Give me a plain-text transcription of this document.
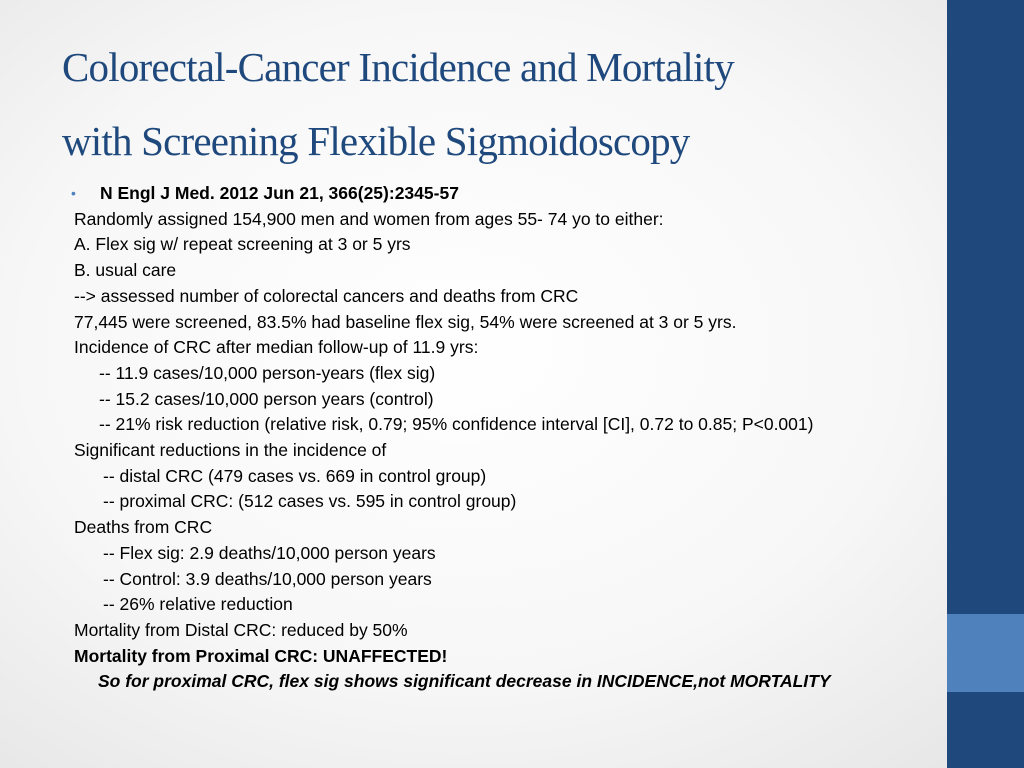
Colorectal-Cancer Incidence and Mortality
with Screening Flexible Sigmoidoscopy

• N Engl J Med. 2012 Jun 21, 366(25):2345-57

Randomly assigned 154,900 men and women from ages 55- 74 yo to either:

A. Flex sig w/ repeat screening at 3 or 5 yrs

B. usual care

--> assessed number of colorectal cancers and deaths from CRC

77,445 were screened, 83.5% had baseline flex sig, 54% were screened at 3 or 5 yrs.

Incidence of CRC after median follow-up of 11.9 yrs:

-- 11.9 cases/10,000 person-years (flex sig)

-- 15.2 cases/10,000 person years (control)

-- 21% risk reduction (relative risk, 0.79; 95% confidence interval [CI], 0.72 to 0.85; P<0.001)

Significant reductions in the incidence of

-- distal CRC (479 cases vs. 669 in control group)

-- proximal CRC: (512 cases vs. 595 in control group)

Deaths from CRC

-- Flex sig: 2.9 deaths/10,000 person years

-- Control: 3.9 deaths/10,000 person years

-- 26% relative reduction

Mortality from Distal CRC: reduced by 50%

Mortality from Proximal CRC: UNAFFECTED!

So for proximal CRC, flex sig shows significant decrease in INCIDENCE,not MORTALITY
